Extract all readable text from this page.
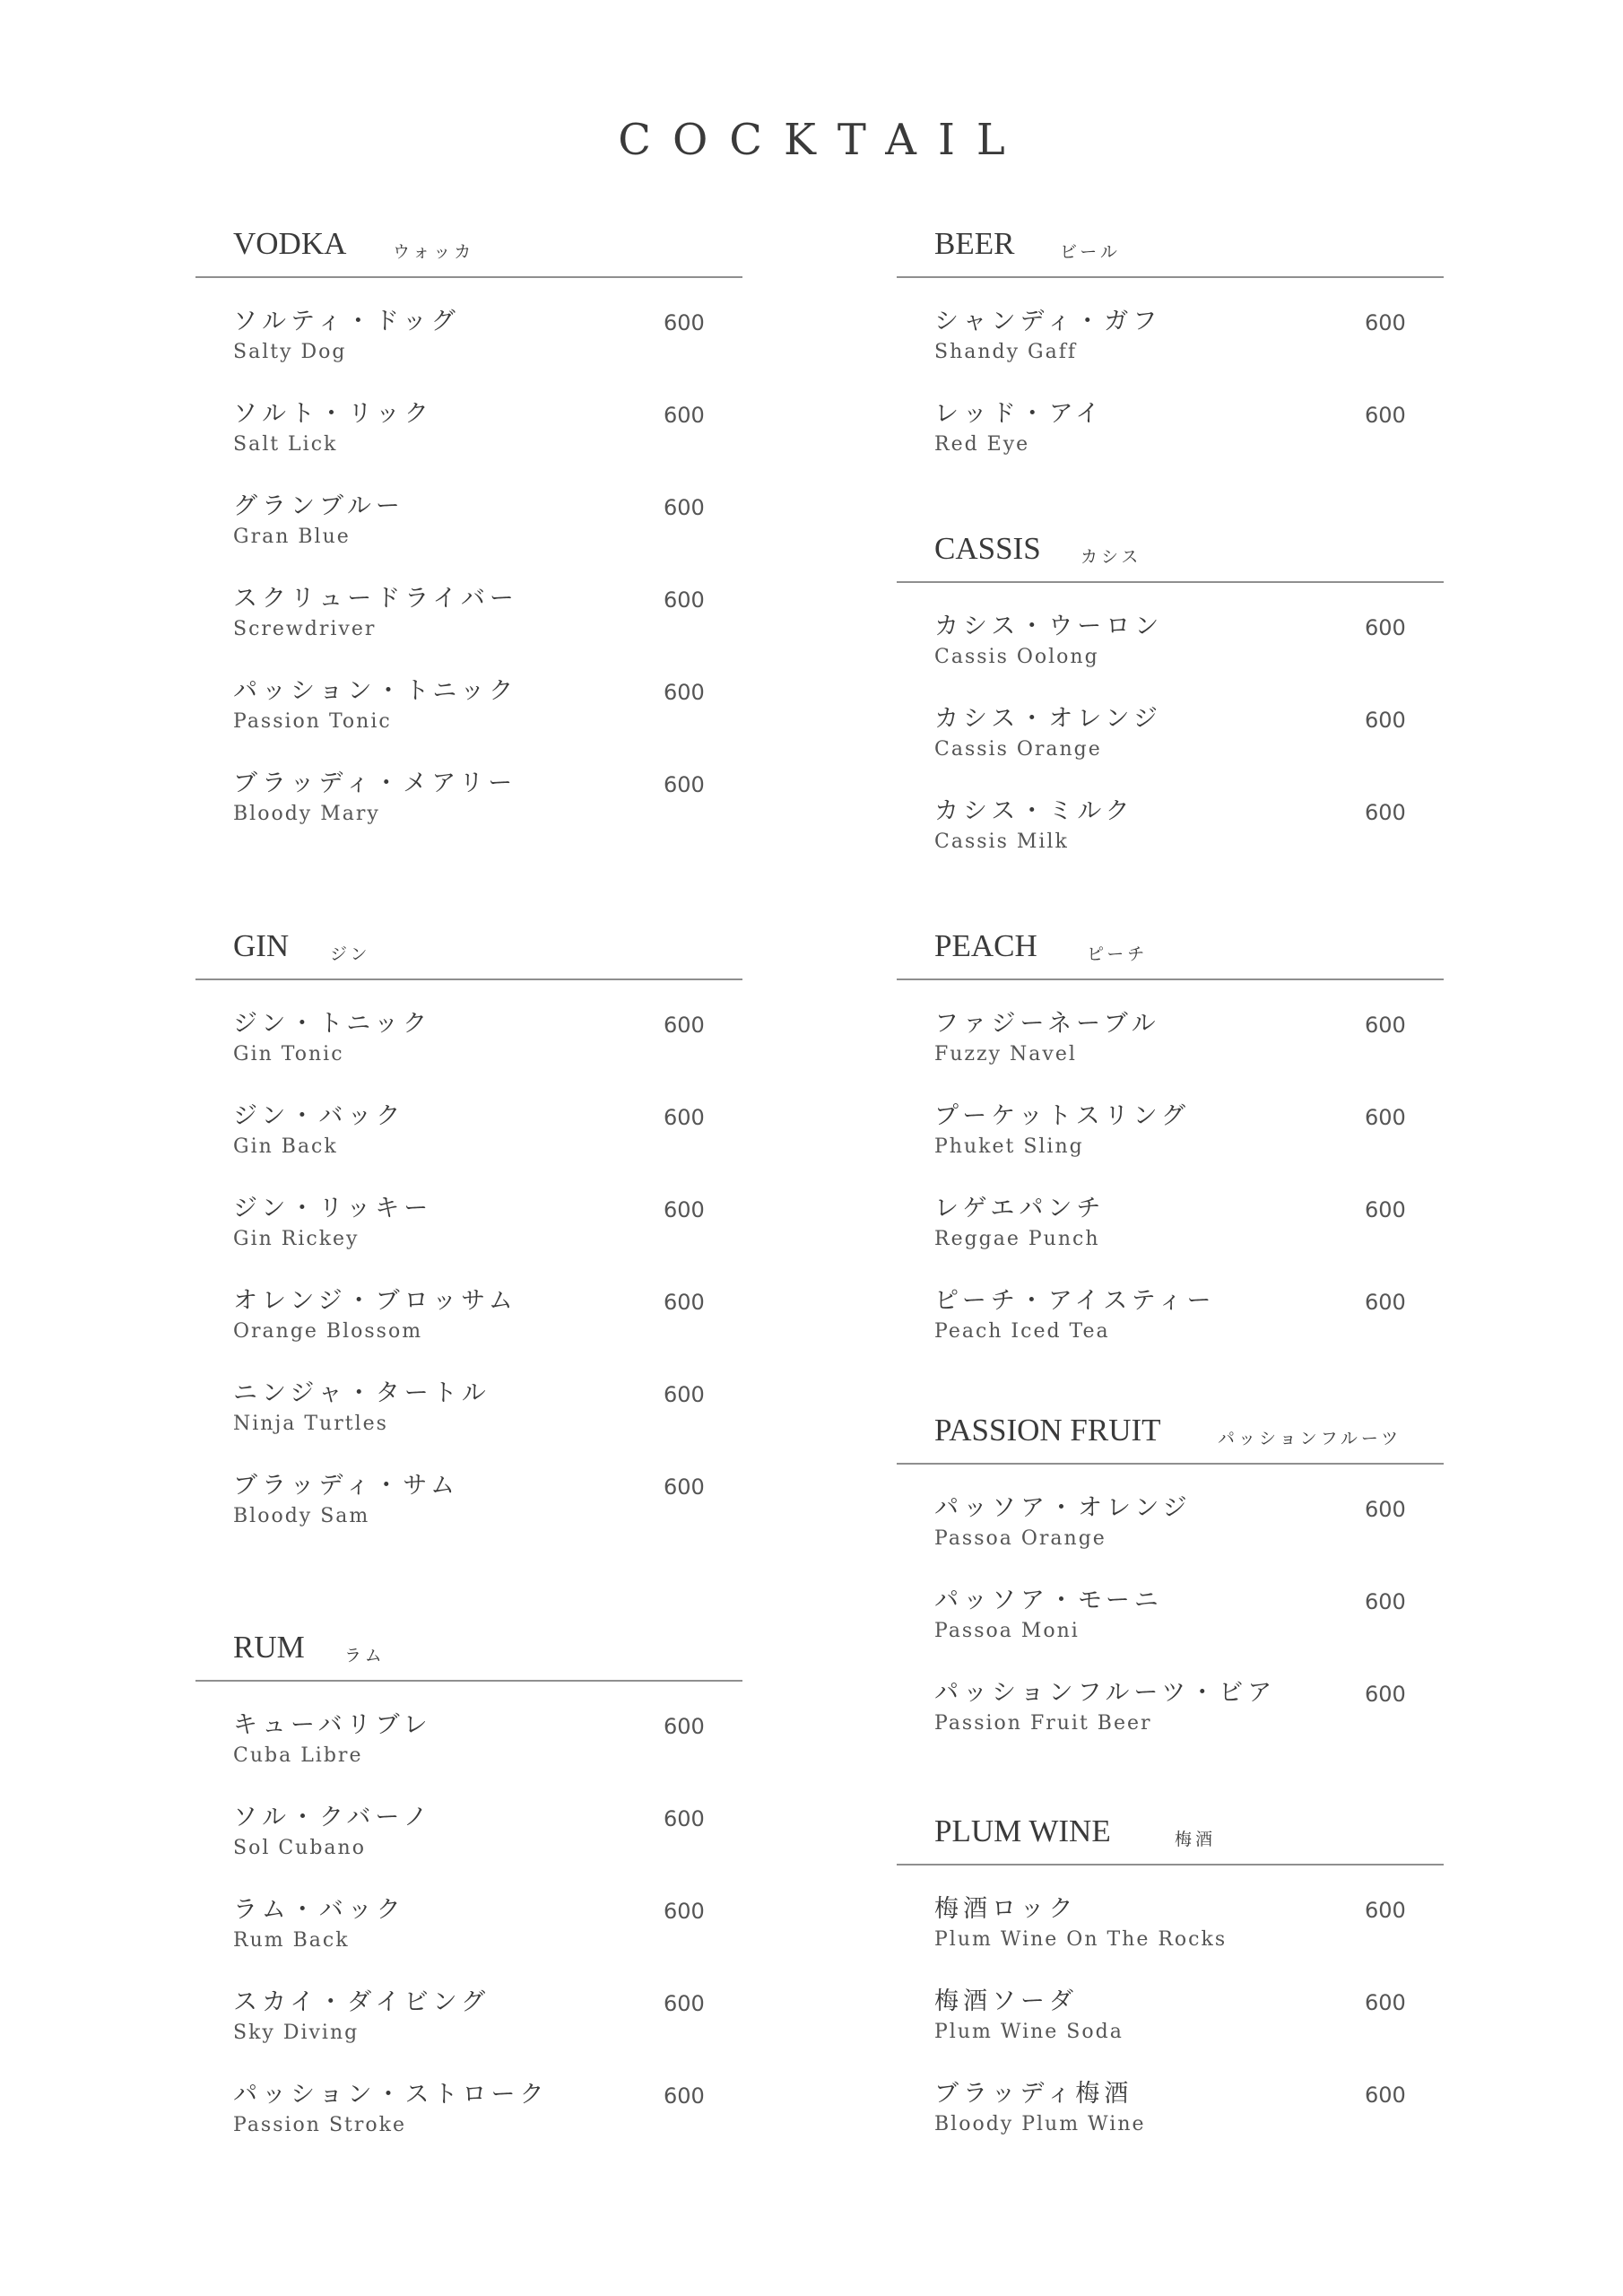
COCKTAIL
VODKA	ウォッカ
ソルティ・ドッグ
Salty Dog
600
ソルト・リック
Salt Lick
600
グランブルー
Gran Blue
600
スクリュードライバー
Screwdriver
600
パッション・トニック
Passion Tonic
600
ブラッディ・メアリー
Bloody Mary
600
GIN ジン
ジン・トニック
Gin Tonic
600
ジン・バック
Gin Back
600
ジン・リッキー
Gin Rickey
600
オレンジ・ブロッサム
Orange Blossom
600
ニンジャ・タートル
Ninja Turtles
600
ブラッディ・サム
Bloody Sam
600
RUM ラム
キューバリブレ
Cuba Libre
600
ソル・クバーノ
Sol Cubano
600
ラム・バック
Rum Back
600
スカイ・ダイビング
Sky Diving
600
パッション・ストローク
Passion Stroke
600
BEER	ビール
シャンディ・ガフ
Shandy Gaff
600
レッド・アイ
Red Eye
600
CASSIS カシス
カシス・ウーロン
Cassis Oolong
600
カシス・オレンジ
Cassis Orange
600
カシス・ミルク
Cassis Milk
600
PEACH	ピーチ
ファジーネーブル
Fuzzy Navel
600
プーケットスリング
Phuket Sling
600
レゲエパンチ
Reggae Punch
600
ピーチ・アイスティー
Peach Iced Tea
600
PASSION FRUIT	パッションフルーツ
パッソア・オレンジ
Passoa Orange
600
パッソア・モーニ
Passoa Moni
600
パッションフルーツ・ビア
Passion Fruit Beer
600
PLUM WINE	梅酒
梅酒ロック
Plum Wine On The Rocks
600
梅酒ソーダ
Plum Wine Soda
600
ブラッディ梅酒
Bloody Plum Wine
600
